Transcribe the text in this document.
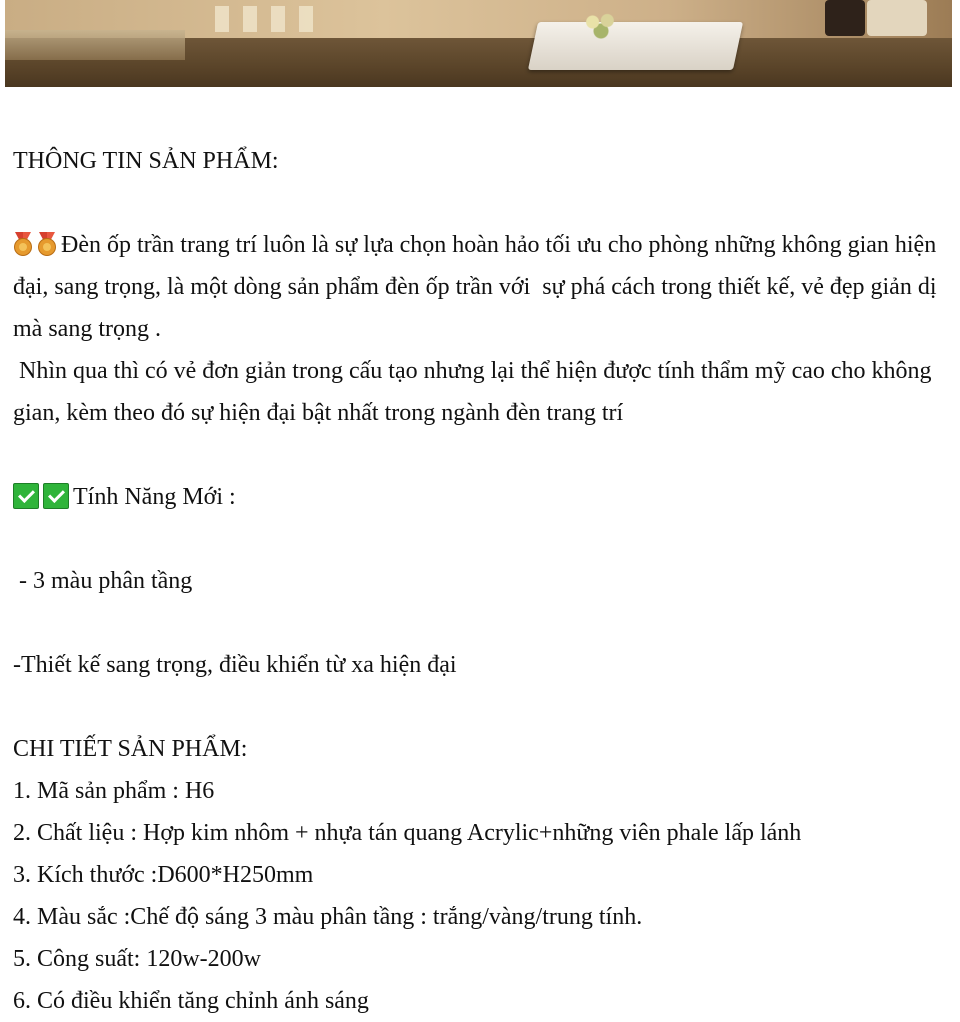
THÔNG TIN SẢN PHẨM:

Đèn ốp trần trang trí luôn là sự lựa chọn hoàn hảo tối ưu cho phòng những không gian hiện đại, sang trọng, là một dòng sản phẩm đèn ốp trần với  sự phá cách trong thiết kế, vẻ đẹp giản dị mà sang trọng .

Nhìn qua thì có vẻ đơn giản trong cấu tạo nhưng lại thể hiện được tính thẩm mỹ cao cho không gian, kèm theo đó sự hiện đại bật nhất trong ngành đèn trang trí

Tính Năng Mới :

- 3 màu phân tầng

-Thiết kế sang trọng, điều khiển từ xa hiện đại

CHI TIẾT SẢN PHẨM:

1. Mã sản phẩm : H6

2. Chất liệu : Hợp kim nhôm + nhựa tán quang Acrylic+những viên phale lấp lánh

3. Kích thước :D600*H250mm

4. Màu sắc :Chế độ sáng 3 màu phân tầng : trắng/vàng/trung tính.

5. Công suất: 120w-200w

6. Có điều khiển tăng chỉnh ánh sáng
